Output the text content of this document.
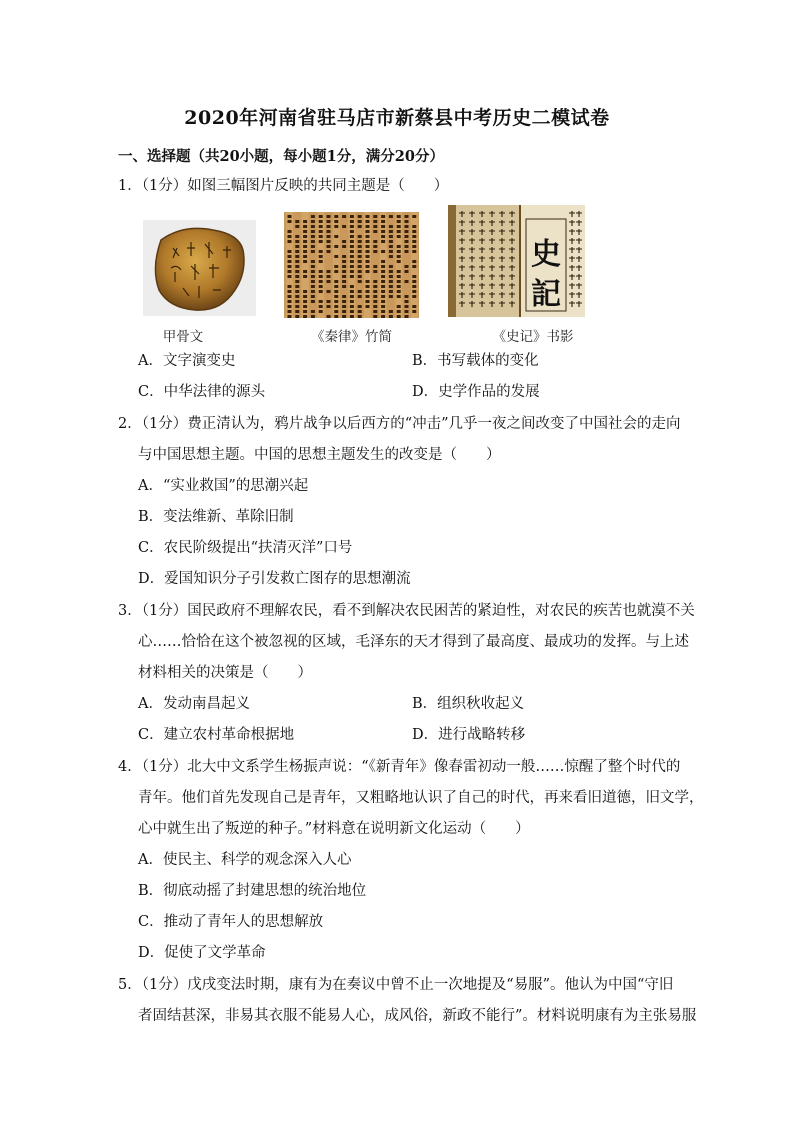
2020年河南省驻马店市新蔡县中考历史二模试卷
一、选择题（共20小题，每小题1分，满分20分）
1．（1分）如图三幅图片反映的共同主题是（　　）
甲骨文	《秦律》竹简
史
記
《史记》书影
A．文字演变史	B．书写载体的变化
C．中华法律的源头	D．史学作品的发展
2．（1分）费正清认为，鸦片战争以后西方的“冲击”几乎一夜之间改变了中国社会的走向
与中国思想主题。中国的思想主题发生的改变是（　　）
A．“实业救国”的思潮兴起
B．变法维新、革除旧制
C．农民阶级提出“扶清灭洋”口号
D．爱国知识分子引发救亡图存的思想潮流
3．（1分）国民政府不理解农民，看不到解决农民困苦的紧迫性，对农民的疾苦也就漠不关
心……恰恰在这个被忽视的区域，毛泽东的天才得到了最高度、最成功的发挥。与上述
材料相关的决策是（　　）
A．发动南昌起义	B．组织秋收起义
C．建立农村革命根据地	D．进行战略转移
4．（1分）北大中文系学生杨振声说：“《新青年》像春雷初动一般……惊醒了整个时代的
青年。他们首先发现自己是青年，又粗略地认识了自己的时代，再来看旧道德，旧文学，
心中就生出了叛逆的种子。”材料意在说明新文化运动（　　）
A．使民主、科学的观念深入人心
B．彻底动摇了封建思想的统治地位
C．推动了青年人的思想解放
D．促使了文学革命
5．（1分）戊戌变法时期，康有为在奏议中曾不止一次地提及“易服”。他认为中国“守旧
者固结甚深，非易其衣服不能易人心，成风俗，新政不能行”。材料说明康有为主张易服
